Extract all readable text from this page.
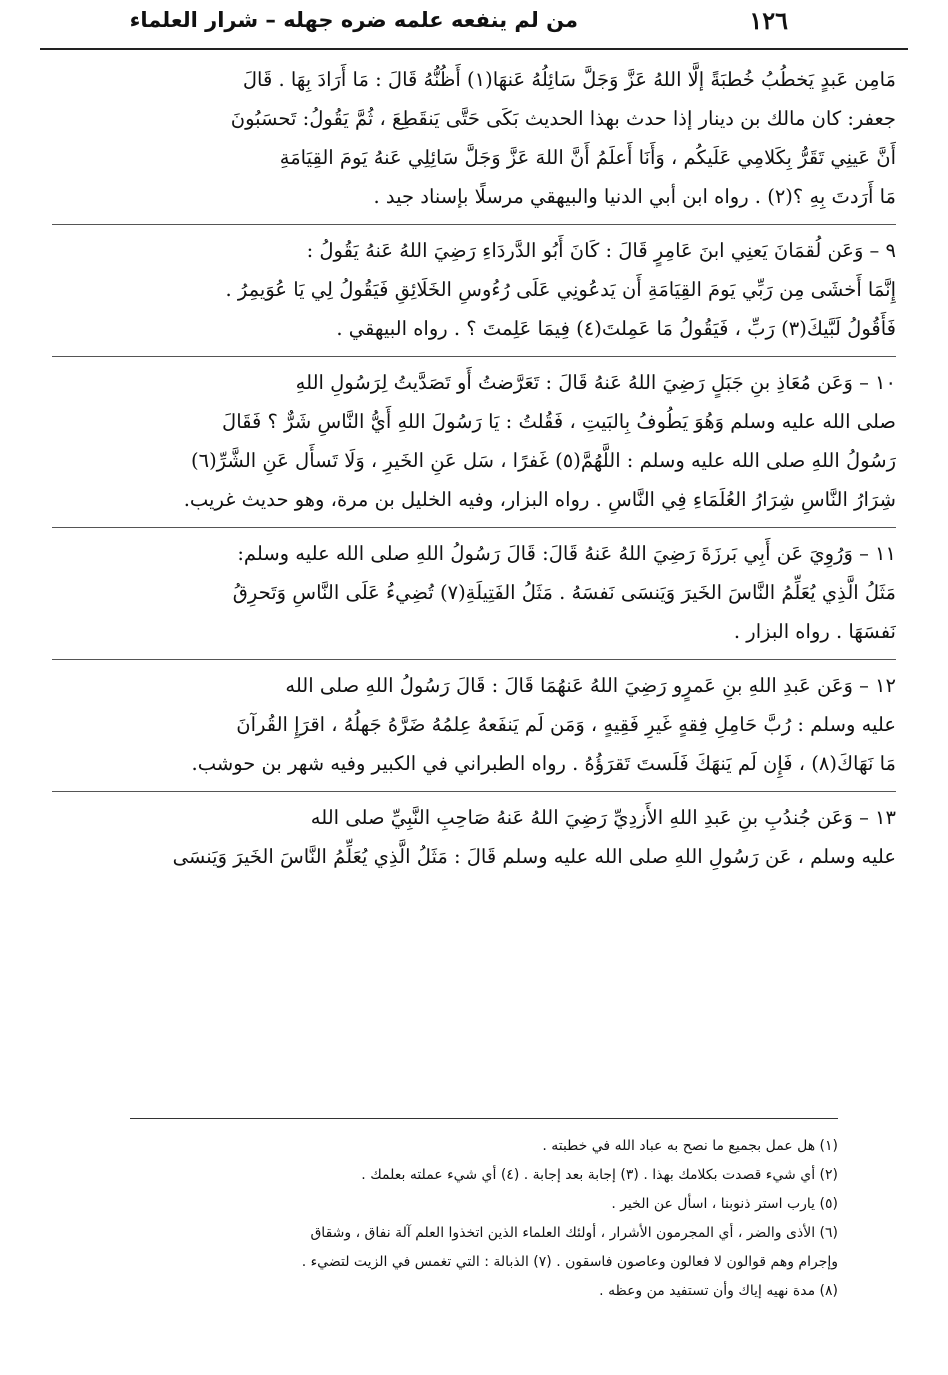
١٢٦
من لم ينفعه علمه ضره جهله – شرار العلماء
مَامِن عَبدٍ يَخطُبُ خُطبَةً إلَّا اللهُ عَزَّ وَجَلَّ سَائِلُهُ عَنهَا(١) أَظُنُّهُ قَالَ : مَا أَرَادَ بِهَا . قَالَ
جعفر: كان مالك بن دينار إذا حدث بهذا الحديث بَكَى حَتَّى يَنقَطِعَ ، ثُمَّ يَقُولُ: تَحسَبُونَ
أَنَّ عَينِي تَقَرُّ بِكَلامِي عَلَيكُم ، وَأَنَا أَعلَمُ أَنَّ اللهَ عَزَّ وَجَلَّ سَائِلِي عَنهُ يَومَ القِيَامَةِ
مَا أَرَدتَ بِهِ ؟(٢) . رواه ابن أبي الدنيا والبيهقي مرسلًا بإسناد جيد .
٩ – وَعَن لُقمَانَ يَعنِي ابنَ عَامِرٍ قَالَ : كَانَ أَبُو الدَّردَاءِ رَضِيَ اللهُ عَنهُ يَقُولُ :
إِنَّمَا أَخشَى مِن رَبِّي يَومَ القِيَامَةِ أَن يَدعُونِي عَلَى رُءُوسِ الخَلَائِقِ فَيَقُولُ لِي يَا عُوَيمِرُ .
فَأَقُولُ لَبَّيكَ(٣) رَبِّ ، فَيَقُولُ مَا عَمِلتَ(٤) فِيمَا عَلِمتَ ؟ . رواه البيهقي .
١٠ – وَعَن مُعَاذِ بنِ جَبَلٍ رَضِيَ اللهُ عَنهُ قَالَ : تَعَرَّضتُ أَو تَصَدَّيتُ لِرَسُولِ اللهِ
صلى الله عليه وسلم وَهُوَ يَطُوفُ بِالبَيتِ ، فَقُلتُ : يَا رَسُولَ اللهِ أَيُّ النَّاسِ شَرٌّ ؟ فَقَالَ
رَسُولُ اللهِ صلى الله عليه وسلم : اللَّهُمَّ(٥) غَفرًا ، سَل عَنِ الخَيرِ ، وَلَا تَسأَل عَنِ الشَّرِّ(٦)
شِرَارُ النَّاسِ شِرَارُ العُلَمَاءِ فِي النَّاسِ . رواه البزار، وفيه الخليل بن مرة، وهو حديث غريب.
١١ – وَرُوِيَ عَن أَبِي بَرزَةَ رَضِيَ اللهُ عَنهُ قَالَ: قَالَ رَسُولُ اللهِ صلى الله عليه وسلم:
مَثَلُ الَّذِي يُعَلِّمُ النَّاسَ الخَيرَ وَيَنسَى نَفسَهُ . مَثَلُ الفَتِيلَةِ(٧) تُضِيءُ عَلَى النَّاسِ وَتَحرِقُ
نَفسَهَا . رواه البزار .
١٢ – وَعَن عَبدِ اللهِ بنِ عَمرٍو رَضِيَ اللهُ عَنهُمَا قَالَ : قَالَ رَسُولُ اللهِ صلى الله
عليه وسلم : رُبَّ حَامِلِ فِقهٍ غَيرِ فَقِيهٍ ، وَمَن لَم يَنفَعهُ عِلمُهُ ضَرَّهُ جَهلُهُ ، اقرَإِ القُرآنَ
مَا نَهَاكَ(٨) ، فَإِن لَم يَنهَكَ فَلَستَ تَقرَؤُهُ . رواه الطبراني في الكبير وفيه شهر بن حوشب.
١٣ – وَعَن جُندُبِ بنِ عَبدِ اللهِ الأَزدِيِّ رَضِيَ اللهُ عَنهُ صَاحِبِ النَّبِيِّ صلى الله
عليه وسلم ، عَن رَسُولِ اللهِ صلى الله عليه وسلم قَالَ : مَثَلُ الَّذِي يُعَلِّمُ النَّاسَ الخَيرَ وَيَنسَى
(١) هل عمل بجميع ما نصح به عباد الله في خطبته .
(٢) أي شيء قصدت بكلامك بهذا . (٣) إجابة بعد إجابة . (٤) أي شيء عملته بعلمك .
(٥) يارب استر ذنوبنا ، اسأل عن الخير .
(٦) الأذى والضر ، أي المجرمون الأشرار ، أولئك العلماء الذين اتخذوا العلم آلة نفاق ، وشقاق
وإجرام وهم قوالون لا فعالون وعاصون فاسقون . (٧) الذبالة : التي تغمس في الزيت لتضيء .
(٨) مدة نهيه إياك وأن تستفيد من وعظه .
